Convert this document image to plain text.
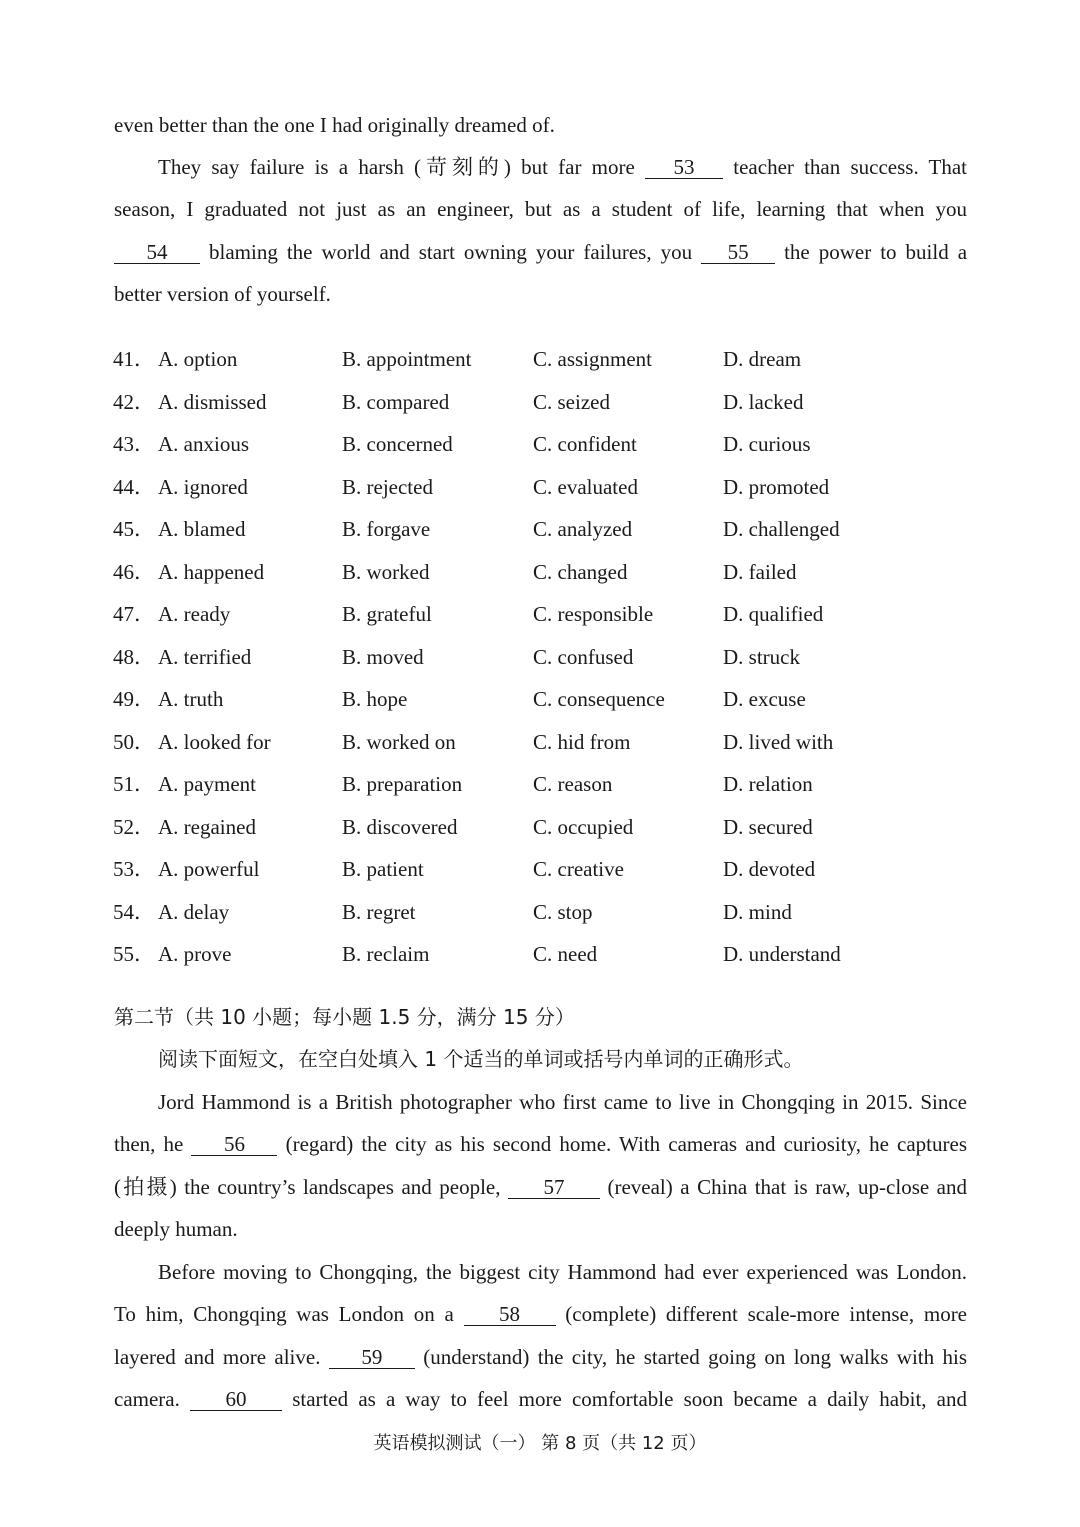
even better than the one I had originally dreamed of.
They say failure is a harsh (苛刻的) but far more 53 teacher than success. That
season, I graduated not just as an engineer, but as a student of life, learning that when you
54 blaming the world and start owning your failures, you 55 the power to build a
better version of yourself.
41． A. option	B. appointment	C. assignment	D. dream
42． A. dismissed	B. compared	C. seized	D. lacked
43． A. anxious	B. concerned	C. confident	D. curious
44． A. ignored	B. rejected	C. evaluated	D. promoted
45． A. blamed	B. forgave	C. analyzed	D. challenged
46． A. happened	B. worked	C. changed	D. failed
47． A. ready	B. grateful	C. responsible	D. qualified
48． A. terrified	B. moved	C. confused	D. struck
49． A. truth	B. hope	C. consequence	D. excuse
50． A. looked for	B. worked on	C. hid from	D. lived with
51． A. payment	B. preparation	C. reason	D. relation
52． A. regained	B. discovered	C. occupied	D. secured
53． A. powerful	B. patient	C. creative	D. devoted
54． A. delay	B. regret	C. stop	D. mind
55． A. prove	B. reclaim	C. need	D. understand
第二节（共 10 小题；每小题 1.5 分，满分 15 分）
阅读下面短文，在空白处填入 1 个适当的单词或括号内单词的正确形式。
Jord Hammond is a British photographer who first came to live in Chongqing in 2015. Since
then, he 56 (regard) the city as his second home. With cameras and curiosity, he captures
(拍摄) the country’s landscapes and people, 57 (reveal) a China that is raw, up-close and
deeply human.
Before moving to Chongqing, the biggest city Hammond had ever experienced was London.
To him, Chongqing was London on a 58 (complete) different scale-more intense, more
layered and more alive. 59 (understand) the city, he started going on long walks with his
camera. 60 started as a way to feel more comfortable soon became a daily habit, and
英语模拟测试（一） 第 8 页（共 12 页）
